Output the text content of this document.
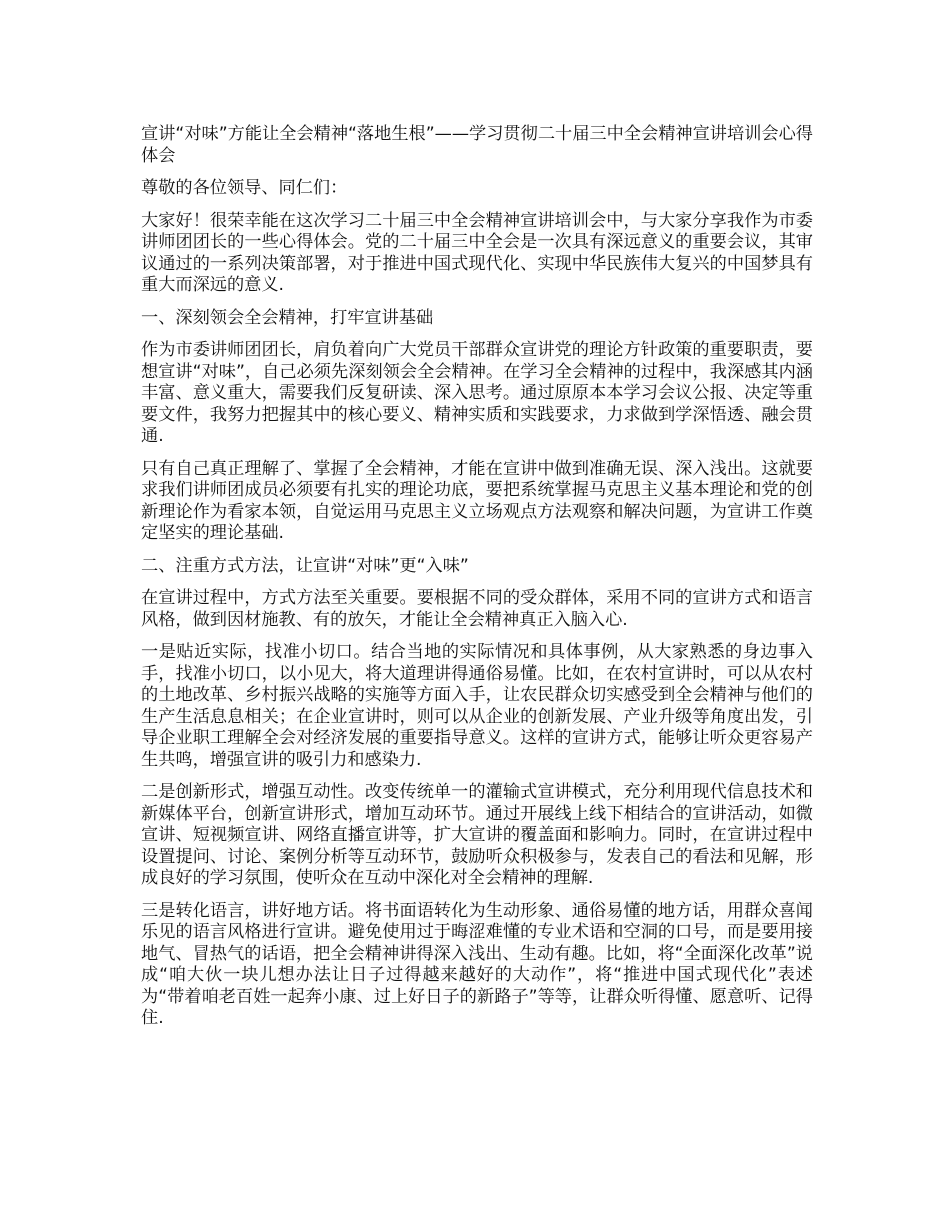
宣讲“对味”方能让全会精神“落地生根”——学习贯彻二十届三中全会精神宣讲培训会心得体会

尊敬的各位领导、同仁们：

大家好！很荣幸能在这次学习二十届三中全会精神宣讲培训会中，与大家分享我作为市委讲师团团长的一些心得体会。党的二十届三中全会是一次具有深远意义的重要会议，其审议通过的一系列决策部署，对于推进中国式现代化、实现中华民族伟大复兴的中国梦具有重大而深远的意义.

一、深刻领会全会精神，打牢宣讲基础

作为市委讲师团团长，肩负着向广大党员干部群众宣讲党的理论方针政策的重要职责，要想宣讲“对味”，自己必须先深刻领会全会精神。在学习全会精神的过程中，我深感其内涵丰富、意义重大，需要我们反复研读、深入思考。通过原原本本学习会议公报、决定等重要文件，我努力把握其中的核心要义、精神实质和实践要求，力求做到学深悟透、融会贯通.

只有自己真正理解了、掌握了全会精神，才能在宣讲中做到准确无误、深入浅出。这就要求我们讲师团成员必须要有扎实的理论功底，要把系统掌握马克思主义基本理论和党的创新理论作为看家本领，自觉运用马克思主义立场观点方法观察和解决问题，为宣讲工作奠定坚实的理论基础.

二、注重方式方法，让宣讲“对味”更“入味”

在宣讲过程中，方式方法至关重要。要根据不同的受众群体，采用不同的宣讲方式和语言风格，做到因材施教、有的放矢，才能让全会精神真正入脑入心.

一是贴近实际，找准小切口。结合当地的实际情况和具体事例，从大家熟悉的身边事入手，找准小切口，以小见大，将大道理讲得通俗易懂。比如，在农村宣讲时，可以从农村的土地改革、乡村振兴战略的实施等方面入手，让农民群众切实感受到全会精神与他们的生产生活息息相关；在企业宣讲时，则可以从企业的创新发展、产业升级等角度出发，引导企业职工理解全会对经济发展的重要指导意义。这样的宣讲方式，能够让听众更容易产生共鸣，增强宣讲的吸引力和感染力.

二是创新形式，增强互动性。改变传统单一的灌输式宣讲模式，充分利用现代信息技术和新媒体平台，创新宣讲形式，增加互动环节。通过开展线上线下相结合的宣讲活动，如微宣讲、短视频宣讲、网络直播宣讲等，扩大宣讲的覆盖面和影响力。同时，在宣讲过程中设置提问、讨论、案例分析等互动环节，鼓励听众积极参与，发表自己的看法和见解，形成良好的学习氛围，使听众在互动中深化对全会精神的理解.

三是转化语言，讲好地方话。将书面语转化为生动形象、通俗易懂的地方话，用群众喜闻乐见的语言风格进行宣讲。避免使用过于晦涩难懂的专业术语和空洞的口号，而是要用接地气、冒热气的话语，把全会精神讲得深入浅出、生动有趣。比如，将“全面深化改革”说成“咱大伙一块儿想办法让日子过得越来越好的大动作”，将“推进中国式现代化”表述为“带着咱老百姓一起奔小康、过上好日子的新路子”等等，让群众听得懂、愿意听、记得住.
